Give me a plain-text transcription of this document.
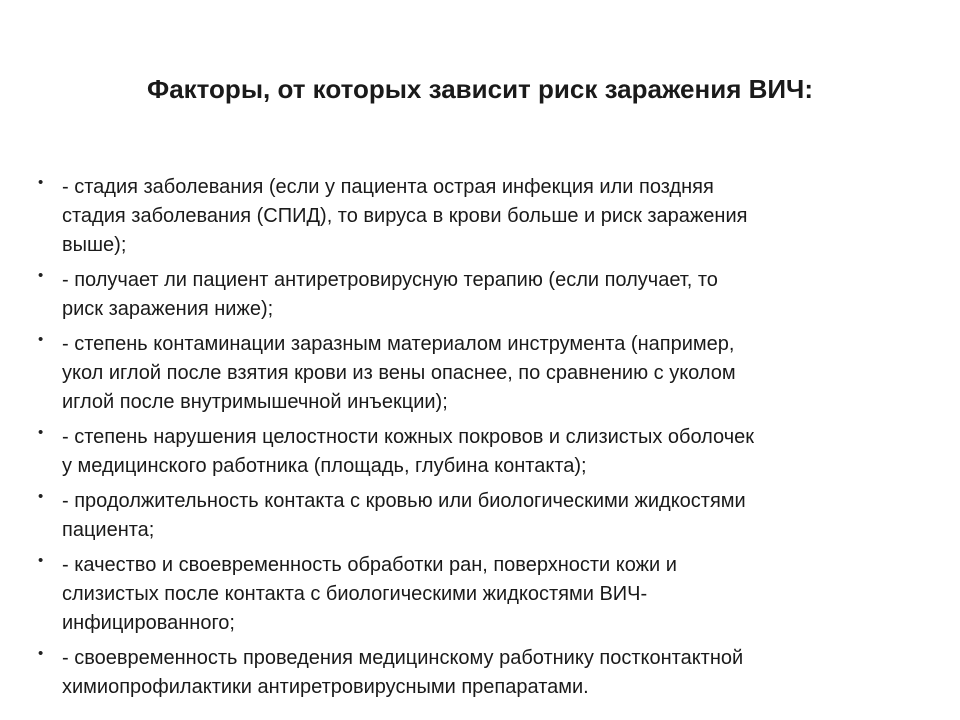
Факторы, от которых зависит риск заражения ВИЧ:
• - стадия заболевания (если у пациента острая инфекция или поздняя
стадия заболевания (СПИД), то вируса в крови больше и риск заражения
выше);
• - получает ли пациент антиретровирусную терапию (если получает, то
риск заражения ниже);
• - степень контаминации заразным материалом инструмента (например,
укол иглой после взятия крови из вены опаснее, по сравнению с уколом
иглой после внутримышечной инъекции);
• - степень нарушения целостности кожных покровов и слизистых оболочек
у медицинского работника (площадь, глубина контакта);
• - продолжительность контакта с кровью или биологическими жидкостями
пациента;
• - качество и своевременность обработки ран, поверхности кожи и
слизистых после контакта с биологическими жидкостями ВИЧ-
инфицированного;
• - своевременность проведения медицинскому работнику постконтактной
химиопрофилактики антиретровирусными препаратами.
